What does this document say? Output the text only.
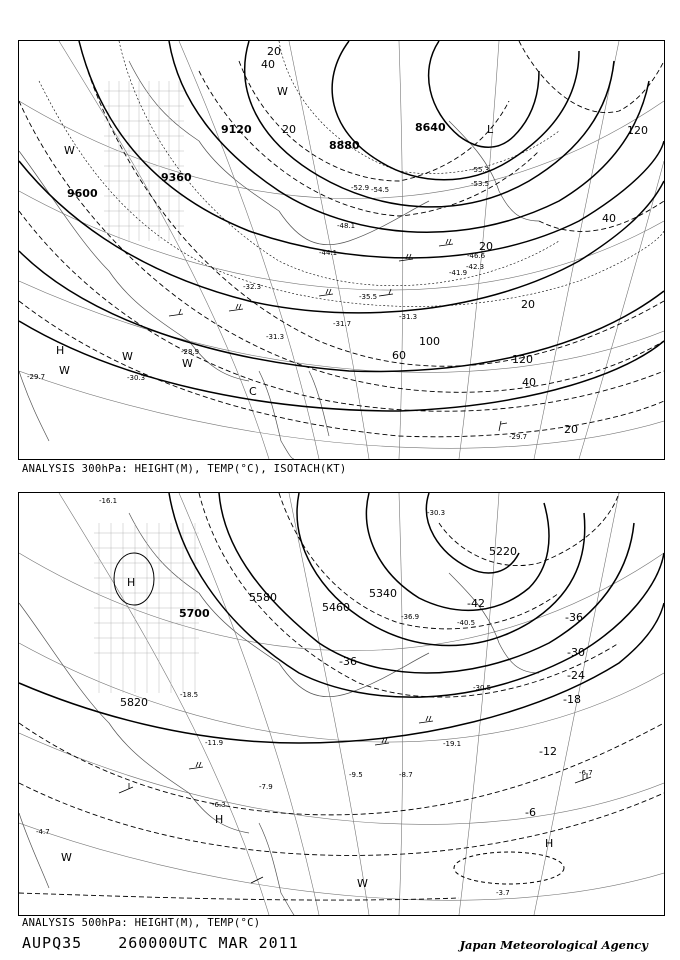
9600
9360
9120
8880
8640
20
40
60
100
120
20
20
40
20
40
120
20
H
L
C
W
W
W
W
W
-29.7	-30.3
-28.9
-29.7
-31.3
-31.7
-31.3
-35.5
-41.9
-44.1
-48.1
-52.9 -54.5
-55.3
-53.5
-42.3
-46.6
-32.3
ANALYSIS 300hPa: HEIGHT(M), TEMP(°C), ISOTACH(KT)
5820
5700
5580
5460
5340
5220
-42
-36
-30
-24
-18
-12
-6
-36
H
H
H
W
W
-18.5
-11.9
-7.9
-6.3
-9.5	-8.7
-4.7
-3.7
-6.7
-19.1
-30.5
-40.5
-36.9
-30.3
-16.1
ANALYSIS 500hPa: HEIGHT(M), TEMP(°C)
AUPQ35 260000UTC MAR 2011	Japan Meteorological Agency
